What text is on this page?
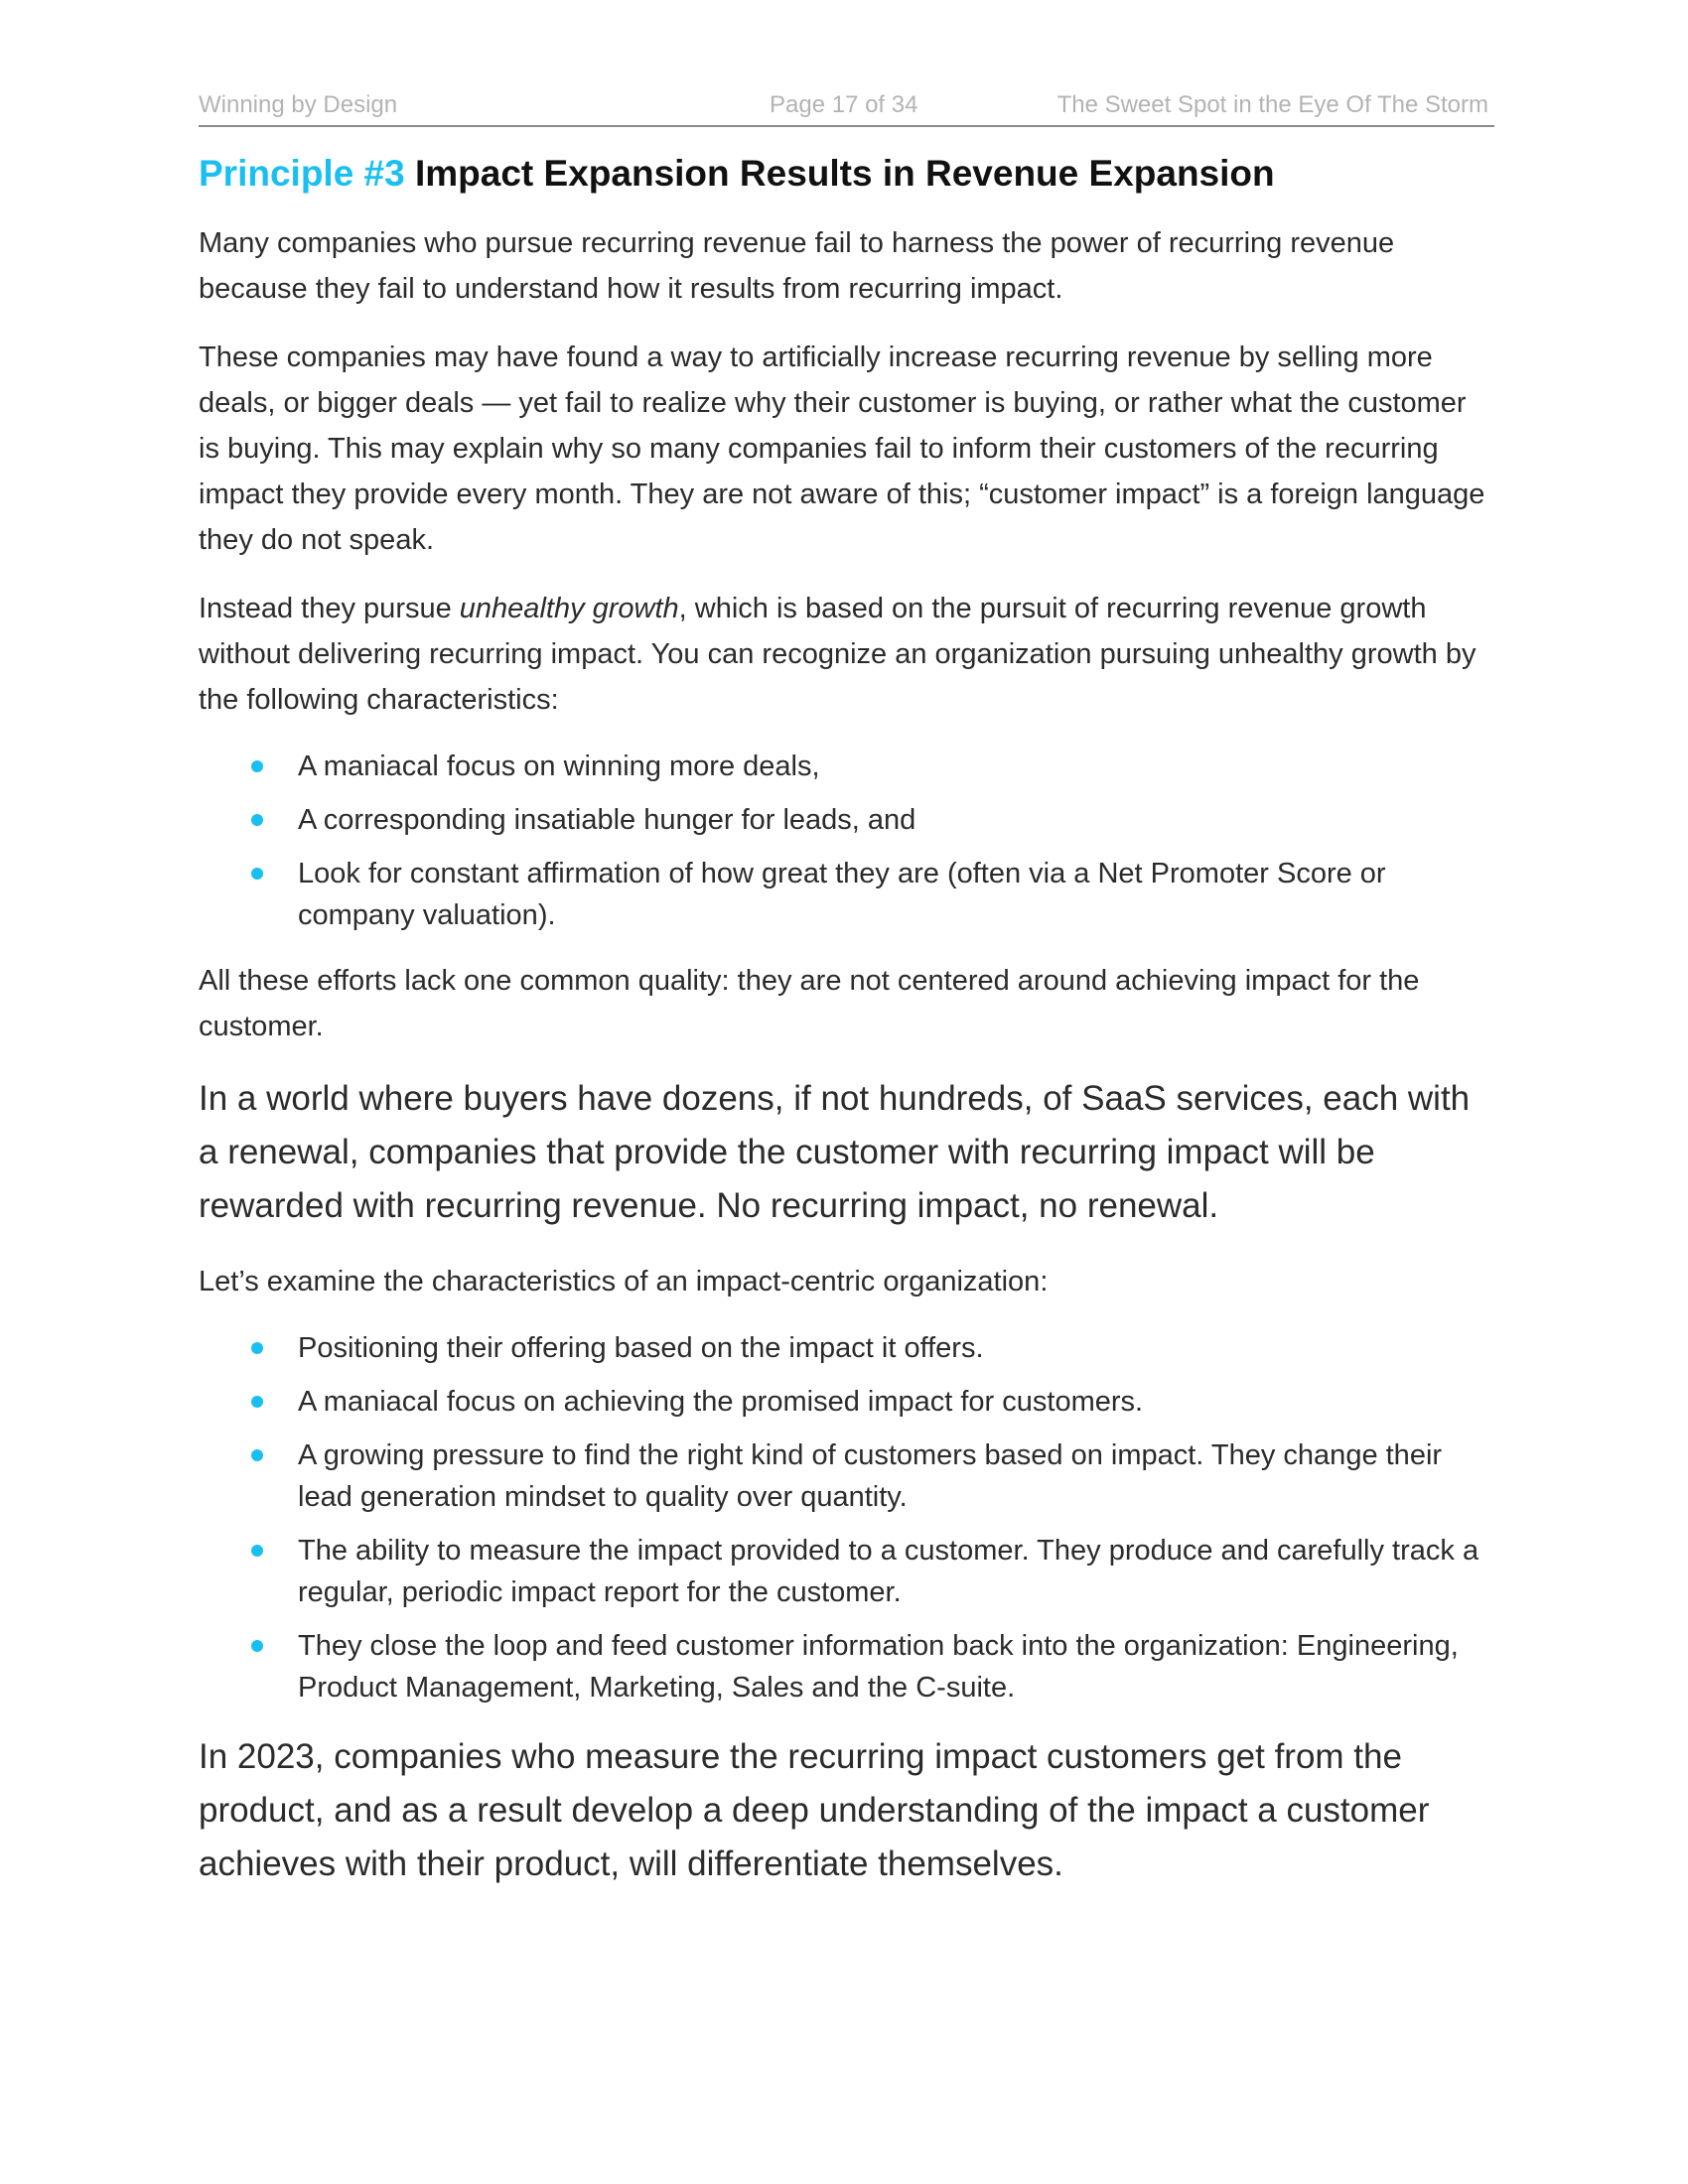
Winning by Design	Page 17 of 34	The Sweet Spot in the Eye Of The Storm
Principle #3 Impact Expansion Results in Revenue Expansion

Many companies who pursue recurring revenue fail to harness the power of recurring revenue because they fail to understand how it results from recurring impact.

These companies may have found a way to artificially increase recurring revenue by selling more deals, or bigger deals — yet fail to realize why their customer is buying, or rather what the customer is buying. This may explain why so many companies fail to inform their customers of the recurring impact they provide every month. They are not aware of this; “customer impact” is a foreign language they do not speak.

Instead they pursue unhealthy growth, which is based on the pursuit of recurring revenue growth without delivering recurring impact. You can recognize an organization pursuing unhealthy growth by the following characteristics:

A maniacal focus on winning more deals,
A corresponding insatiable hunger for leads, and
Look for constant affirmation of how great they are (often via a Net Promoter Score or company valuation).

All these efforts lack one common quality: they are not centered around achieving impact for the customer.

In a world where buyers have dozens, if not hundreds, of SaaS services, each with a renewal, companies that provide the customer with recurring impact will be rewarded with recurring revenue. No recurring impact, no renewal.

Let’s examine the characteristics of an impact-centric organization:

Positioning their offering based on the impact it offers.
A maniacal focus on achieving the promised impact for customers.
A growing pressure to find the right kind of customers based on impact. They change their lead generation mindset to quality over quantity.
The ability to measure the impact provided to a customer. They produce and carefully track a regular, periodic impact report for the customer.
They close the loop and feed customer information back into the organization: Engineering, Product Management, Marketing, Sales and the C-suite.

In 2023, companies who measure the recurring impact customers get from the product, and as a result develop a deep understanding of the impact a customer achieves with their product, will differentiate themselves.
